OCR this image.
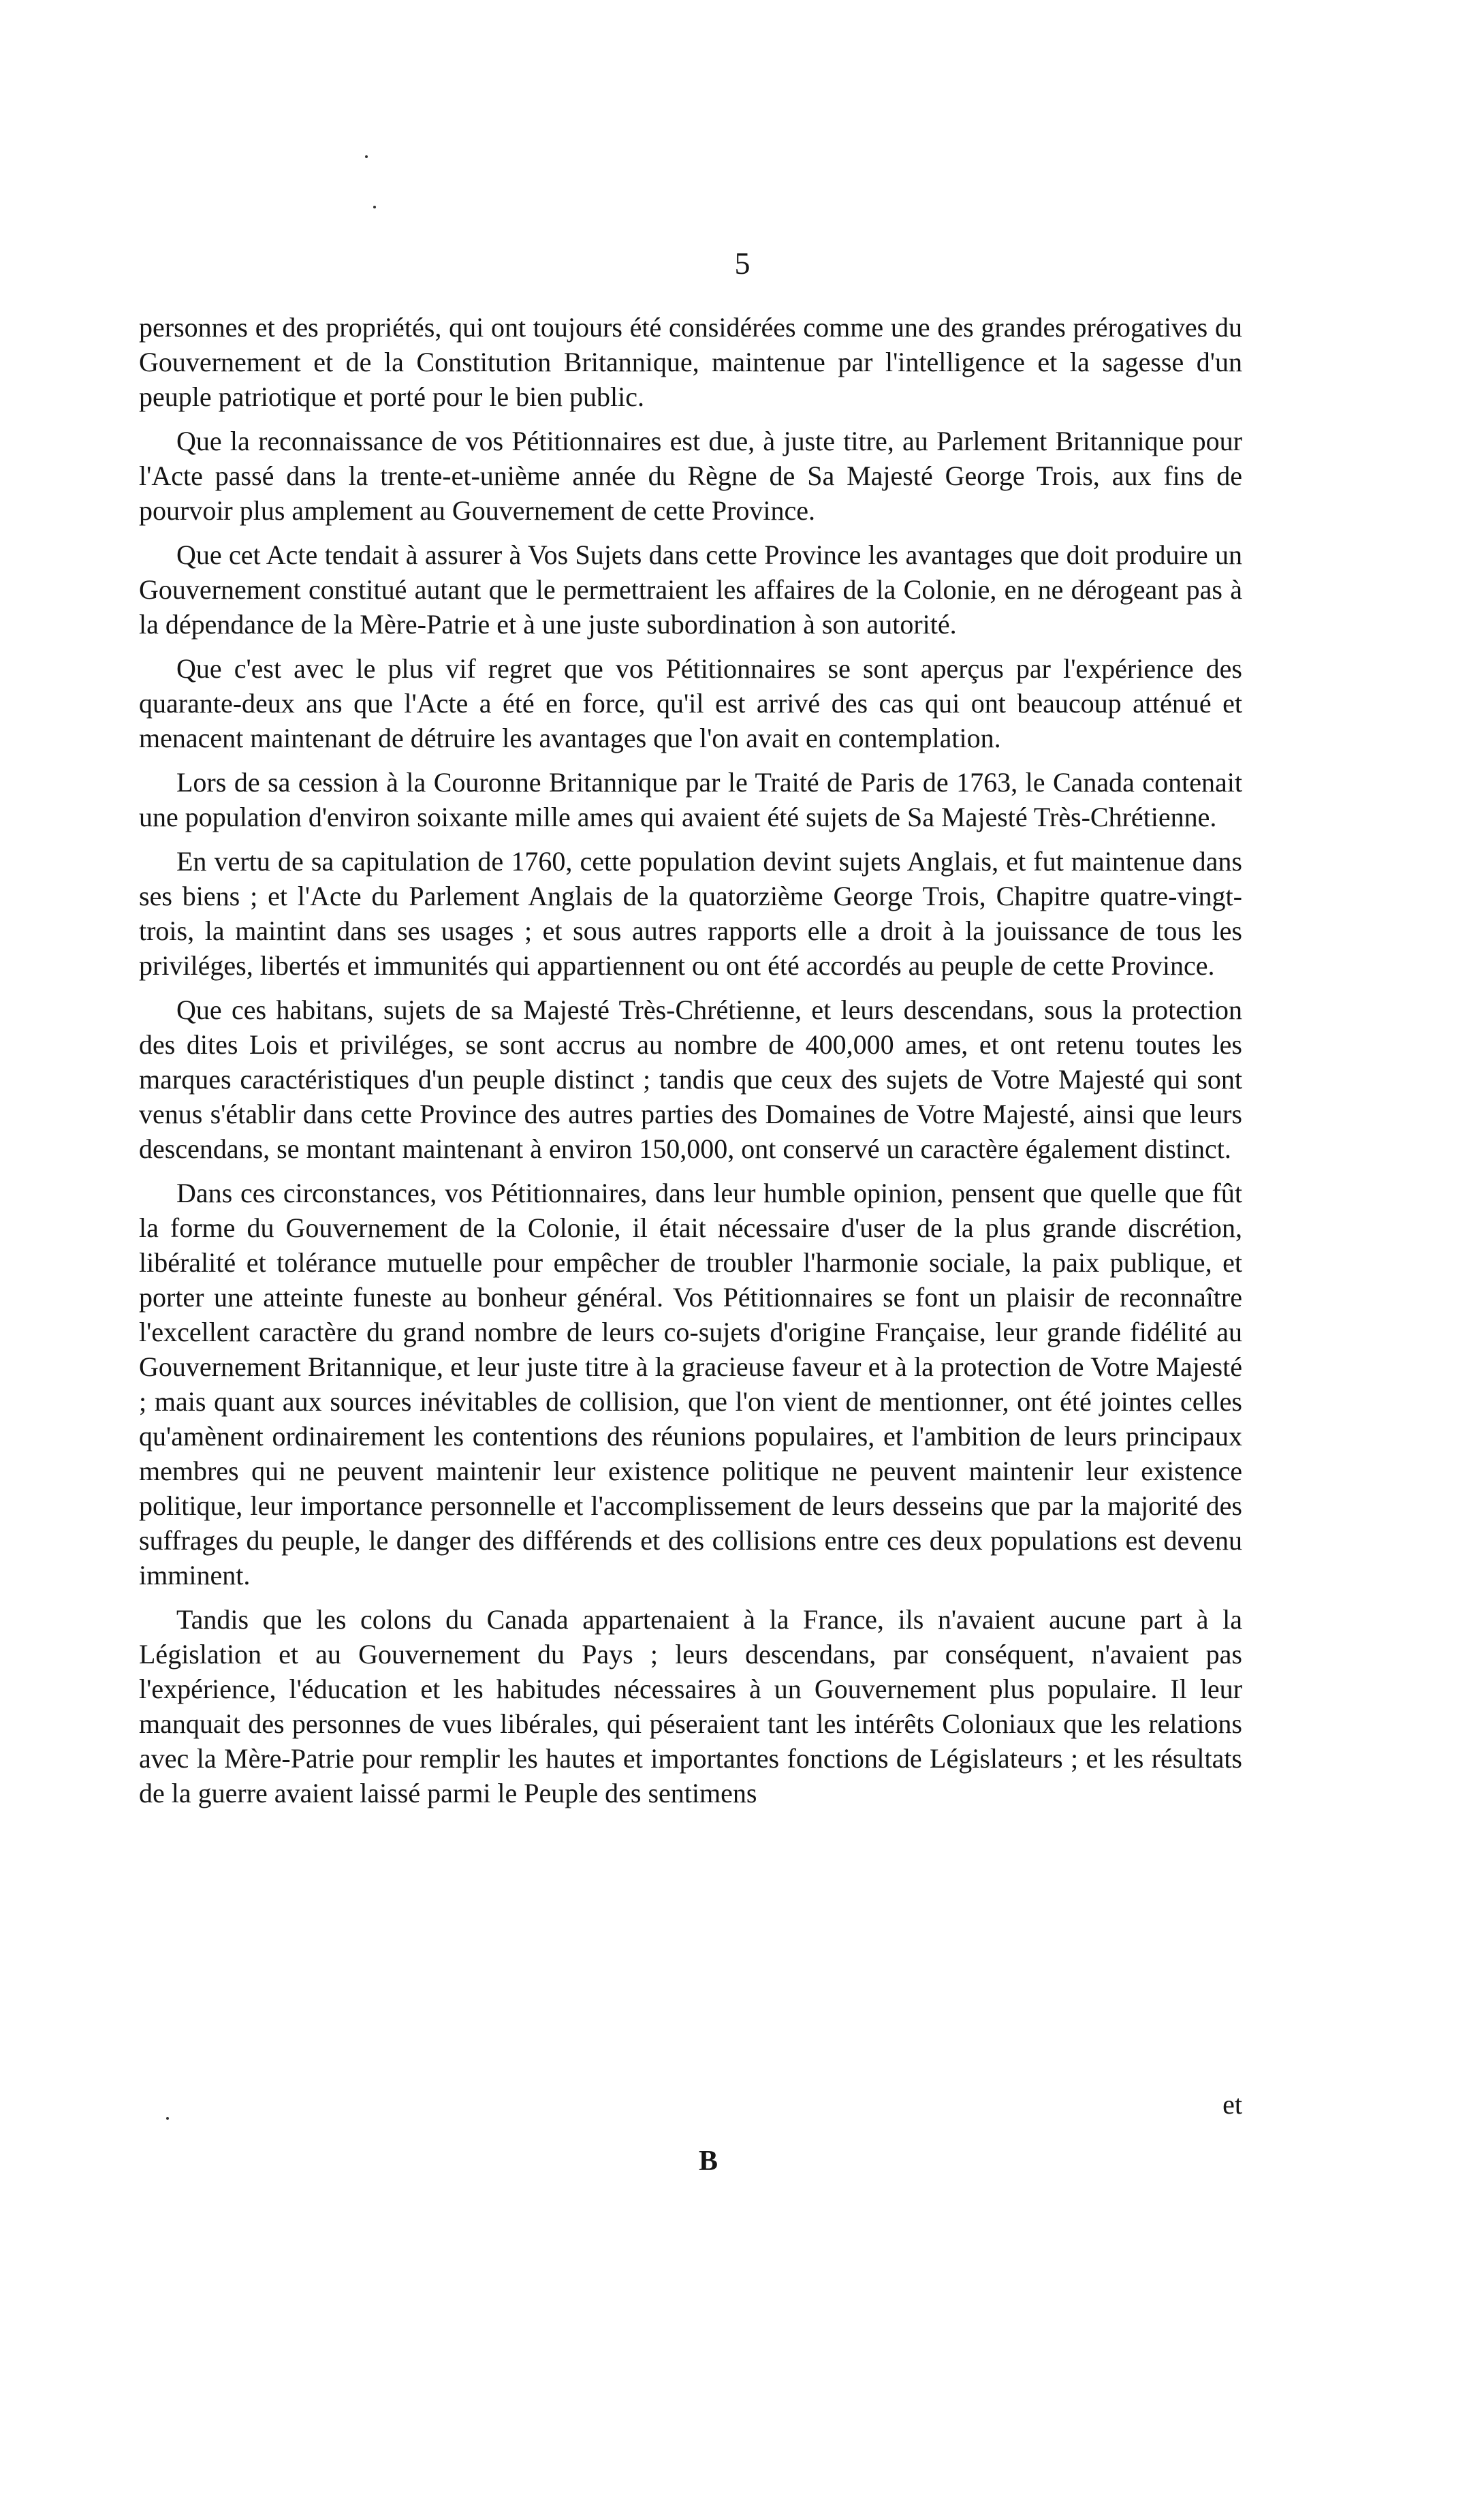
5

personnes et des propriétés, qui ont toujours été considérées comme une des grandes prérogatives du Gouvernement et de la Constitution Britannique, maintenue par l'intelligence et la sagesse d'un peuple patriotique et porté pour le bien public.

Que la reconnaissance de vos Pétitionnaires est due, à juste titre, au Parlement Britannique pour l'Acte passé dans la trente-et-unième année du Règne de Sa Majesté George Trois, aux fins de pourvoir plus amplement au Gouvernement de cette Province.

Que cet Acte tendait à assurer à Vos Sujets dans cette Province les avantages que doit produire un Gouvernement constitué autant que le permettraient les affaires de la Colonie, en ne dérogeant pas à la dépendance de la Mère-Patrie et à une juste subordination à son autorité.

Que c'est avec le plus vif regret que vos Pétitionnaires se sont aperçus par l'expérience des quarante-deux ans que l'Acte a été en force, qu'il est arrivé des cas qui ont beaucoup atténué et menacent maintenant de détruire les avantages que l'on avait en contemplation.

Lors de sa cession à la Couronne Britannique par le Traité de Paris de 1763, le Canada contenait une population d'environ soixante mille ames qui avaient été sujets de Sa Majesté Très-Chrétienne.

En vertu de sa capitulation de 1760, cette population devint sujets Anglais, et fut maintenue dans ses biens ; et l'Acte du Parlement Anglais de la quatorzième George Trois, Chapitre quatre-vingt-trois, la maintint dans ses usages ; et sous autres rapports elle a droit à la jouissance de tous les priviléges, libertés et immunités qui appartiennent ou ont été accordés au peuple de cette Province.

Que ces habitans, sujets de sa Majesté Très-Chrétienne, et leurs descendans, sous la protection des dites Lois et priviléges, se sont accrus au nombre de 400,000 ames, et ont retenu toutes les marques caractéristiques d'un peuple distinct ; tandis que ceux des sujets de Votre Majesté qui sont venus s'établir dans cette Province des autres parties des Domaines de Votre Majesté, ainsi que leurs descendans, se montant maintenant à environ 150,000, ont conservé un caractère également distinct.

Dans ces circonstances, vos Pétitionnaires, dans leur humble opinion, pensent que quelle que fût la forme du Gouvernement de la Colonie, il était nécessaire d'user de la plus grande discrétion, libéralité et tolérance mutuelle pour empêcher de troubler l'harmonie sociale, la paix publique, et porter une atteinte funeste au bonheur général. Vos Pétitionnaires se font un plaisir de reconnaître l'excellent caractère du grand nombre de leurs co-sujets d'origine Française, leur grande fidélité au Gouvernement Britannique, et leur juste titre à la gracieuse faveur et à la protection de Votre Majesté ; mais quant aux sources inévitables de collision, que l'on vient de mentionner, ont été jointes celles qu'amènent ordinairement les contentions des réunions populaires, et l'ambition de leurs principaux membres qui ne peuvent maintenir leur existence politique ne peuvent maintenir leur existence politique, leur importance personnelle et l'accomplissement de leurs desseins que par la majorité des suffrages du peuple, le danger des différends et des collisions entre ces deux populations est devenu imminent.

Tandis que les colons du Canada appartenaient à la France, ils n'avaient aucune part à la Législation et au Gouvernement du Pays ; leurs descendans, par conséquent, n'avaient pas l'expérience, l'éducation et les habitudes nécessaires à un Gouvernement plus populaire. Il leur manquait des personnes de vues libérales, qui péseraient tant les intérêts Coloniaux que les relations avec la Mère-Patrie pour remplir les hautes et importantes fonctions de Législateurs ; et les résultats de la guerre avaient laissé parmi le Peuple des sentimens

et
B
